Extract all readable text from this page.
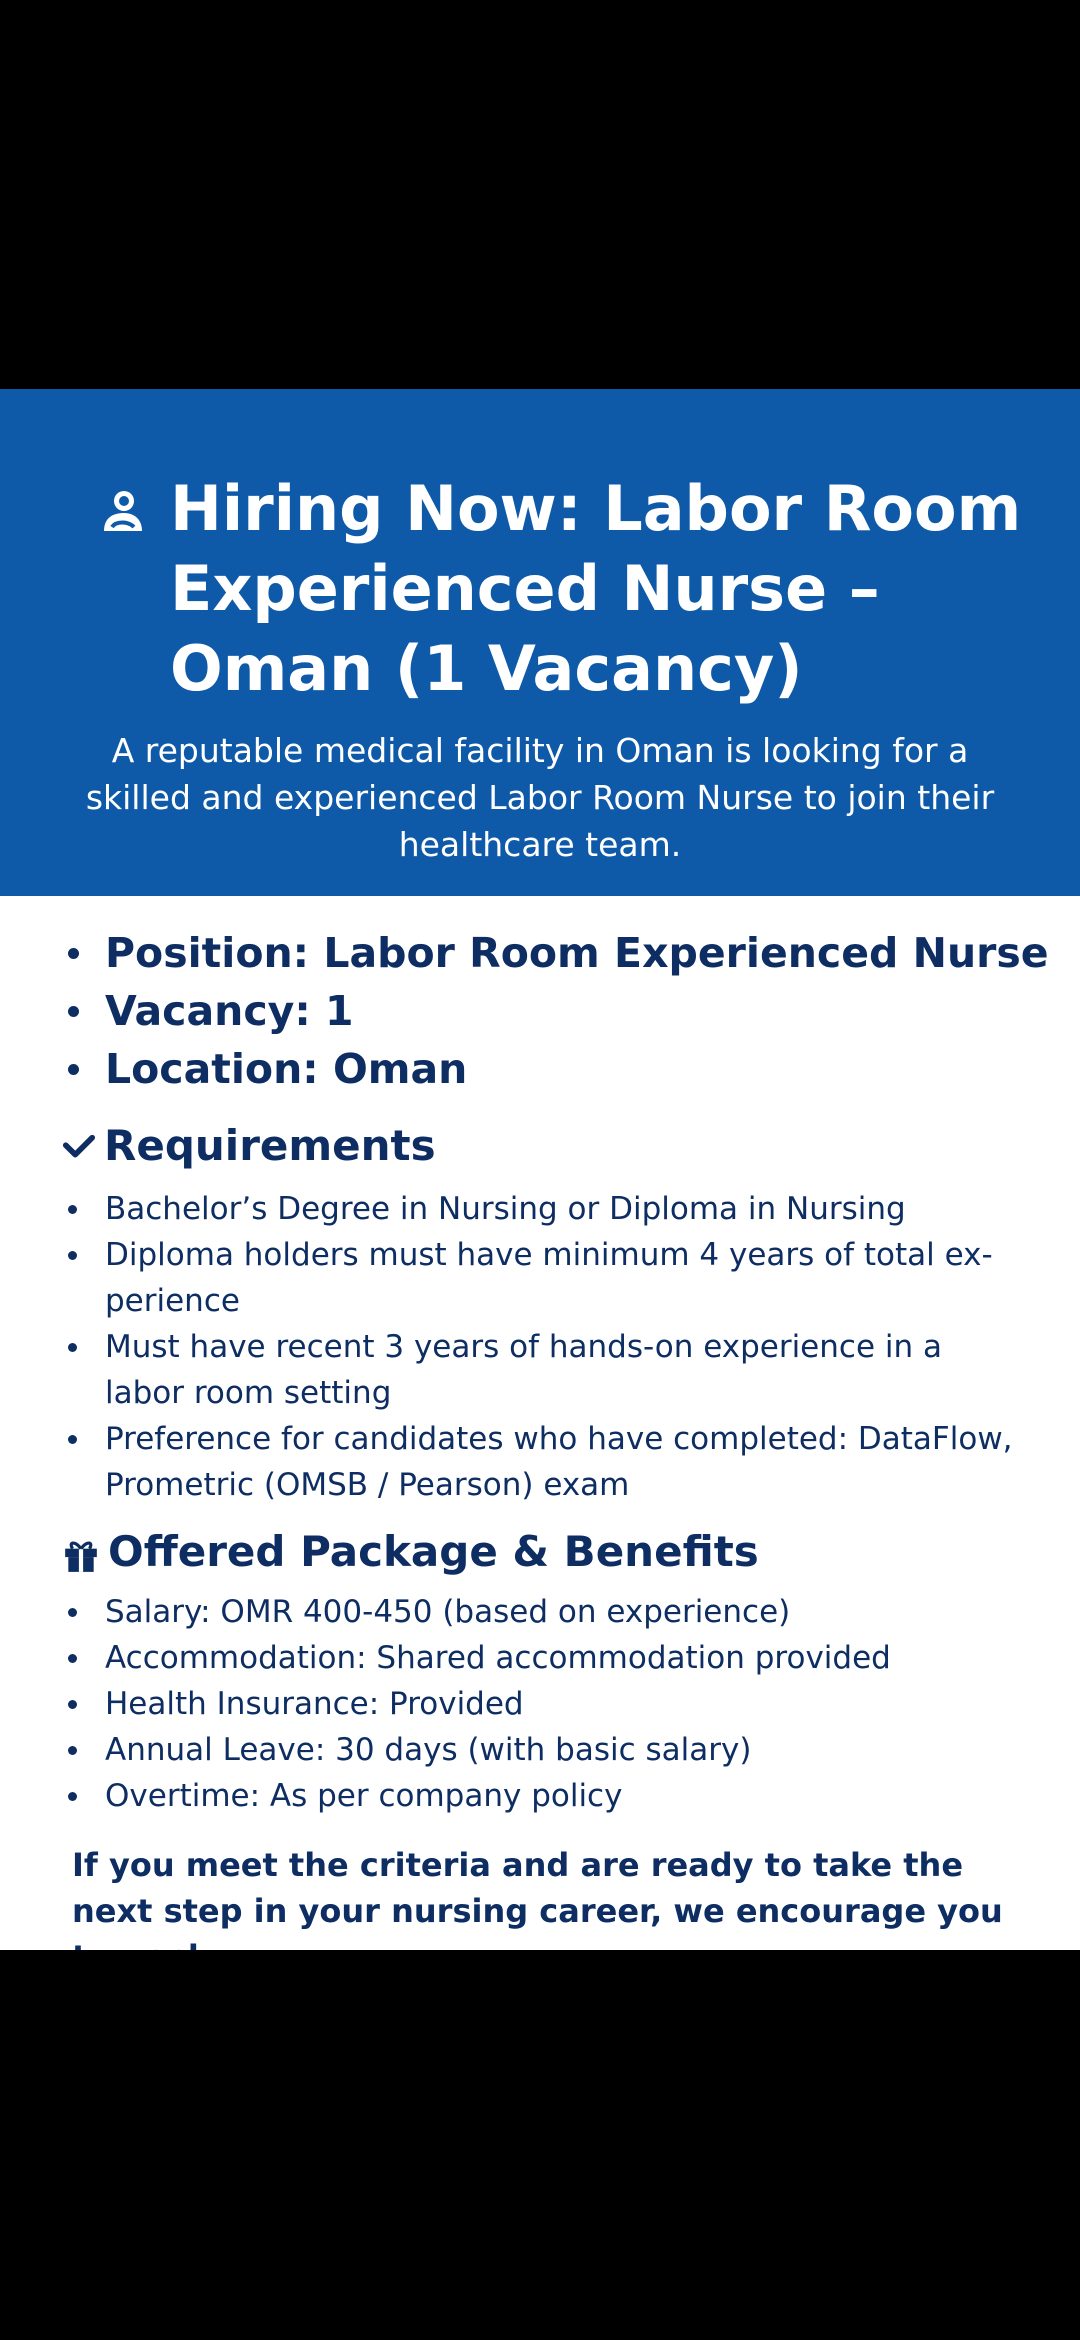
Hiring Now: Labor Room Experienced Nurse – Oman (1 Vacancy)

A reputable medical facility in Oman is looking for a skilled and experienced Labor Room Nurse to join their healthcare team.

Position: Labor Room Experienced Nurse
Vacancy: 1
Location: Oman
Requirements
Bachelor’s Degree in Nursing or Diploma in Nursing
Diploma holders must have minimum 4 years of total ex-perience
Must have recent 3 years of hands-on experience in a labor room setting
Preference for candidates who have completed: DataFlow, Prometric (OMSB / Pearson) exam
Offered Package & Benefits
Salary: OMR 400-450 (based on experience)
Accommodation: Shared accommodation provided
Health Insurance: Provided
Annual Leave: 30 days (with basic salary)
Overtime: As per company policy

If you meet the criteria and are ready to take the next step in your nursing career, we encourage you
